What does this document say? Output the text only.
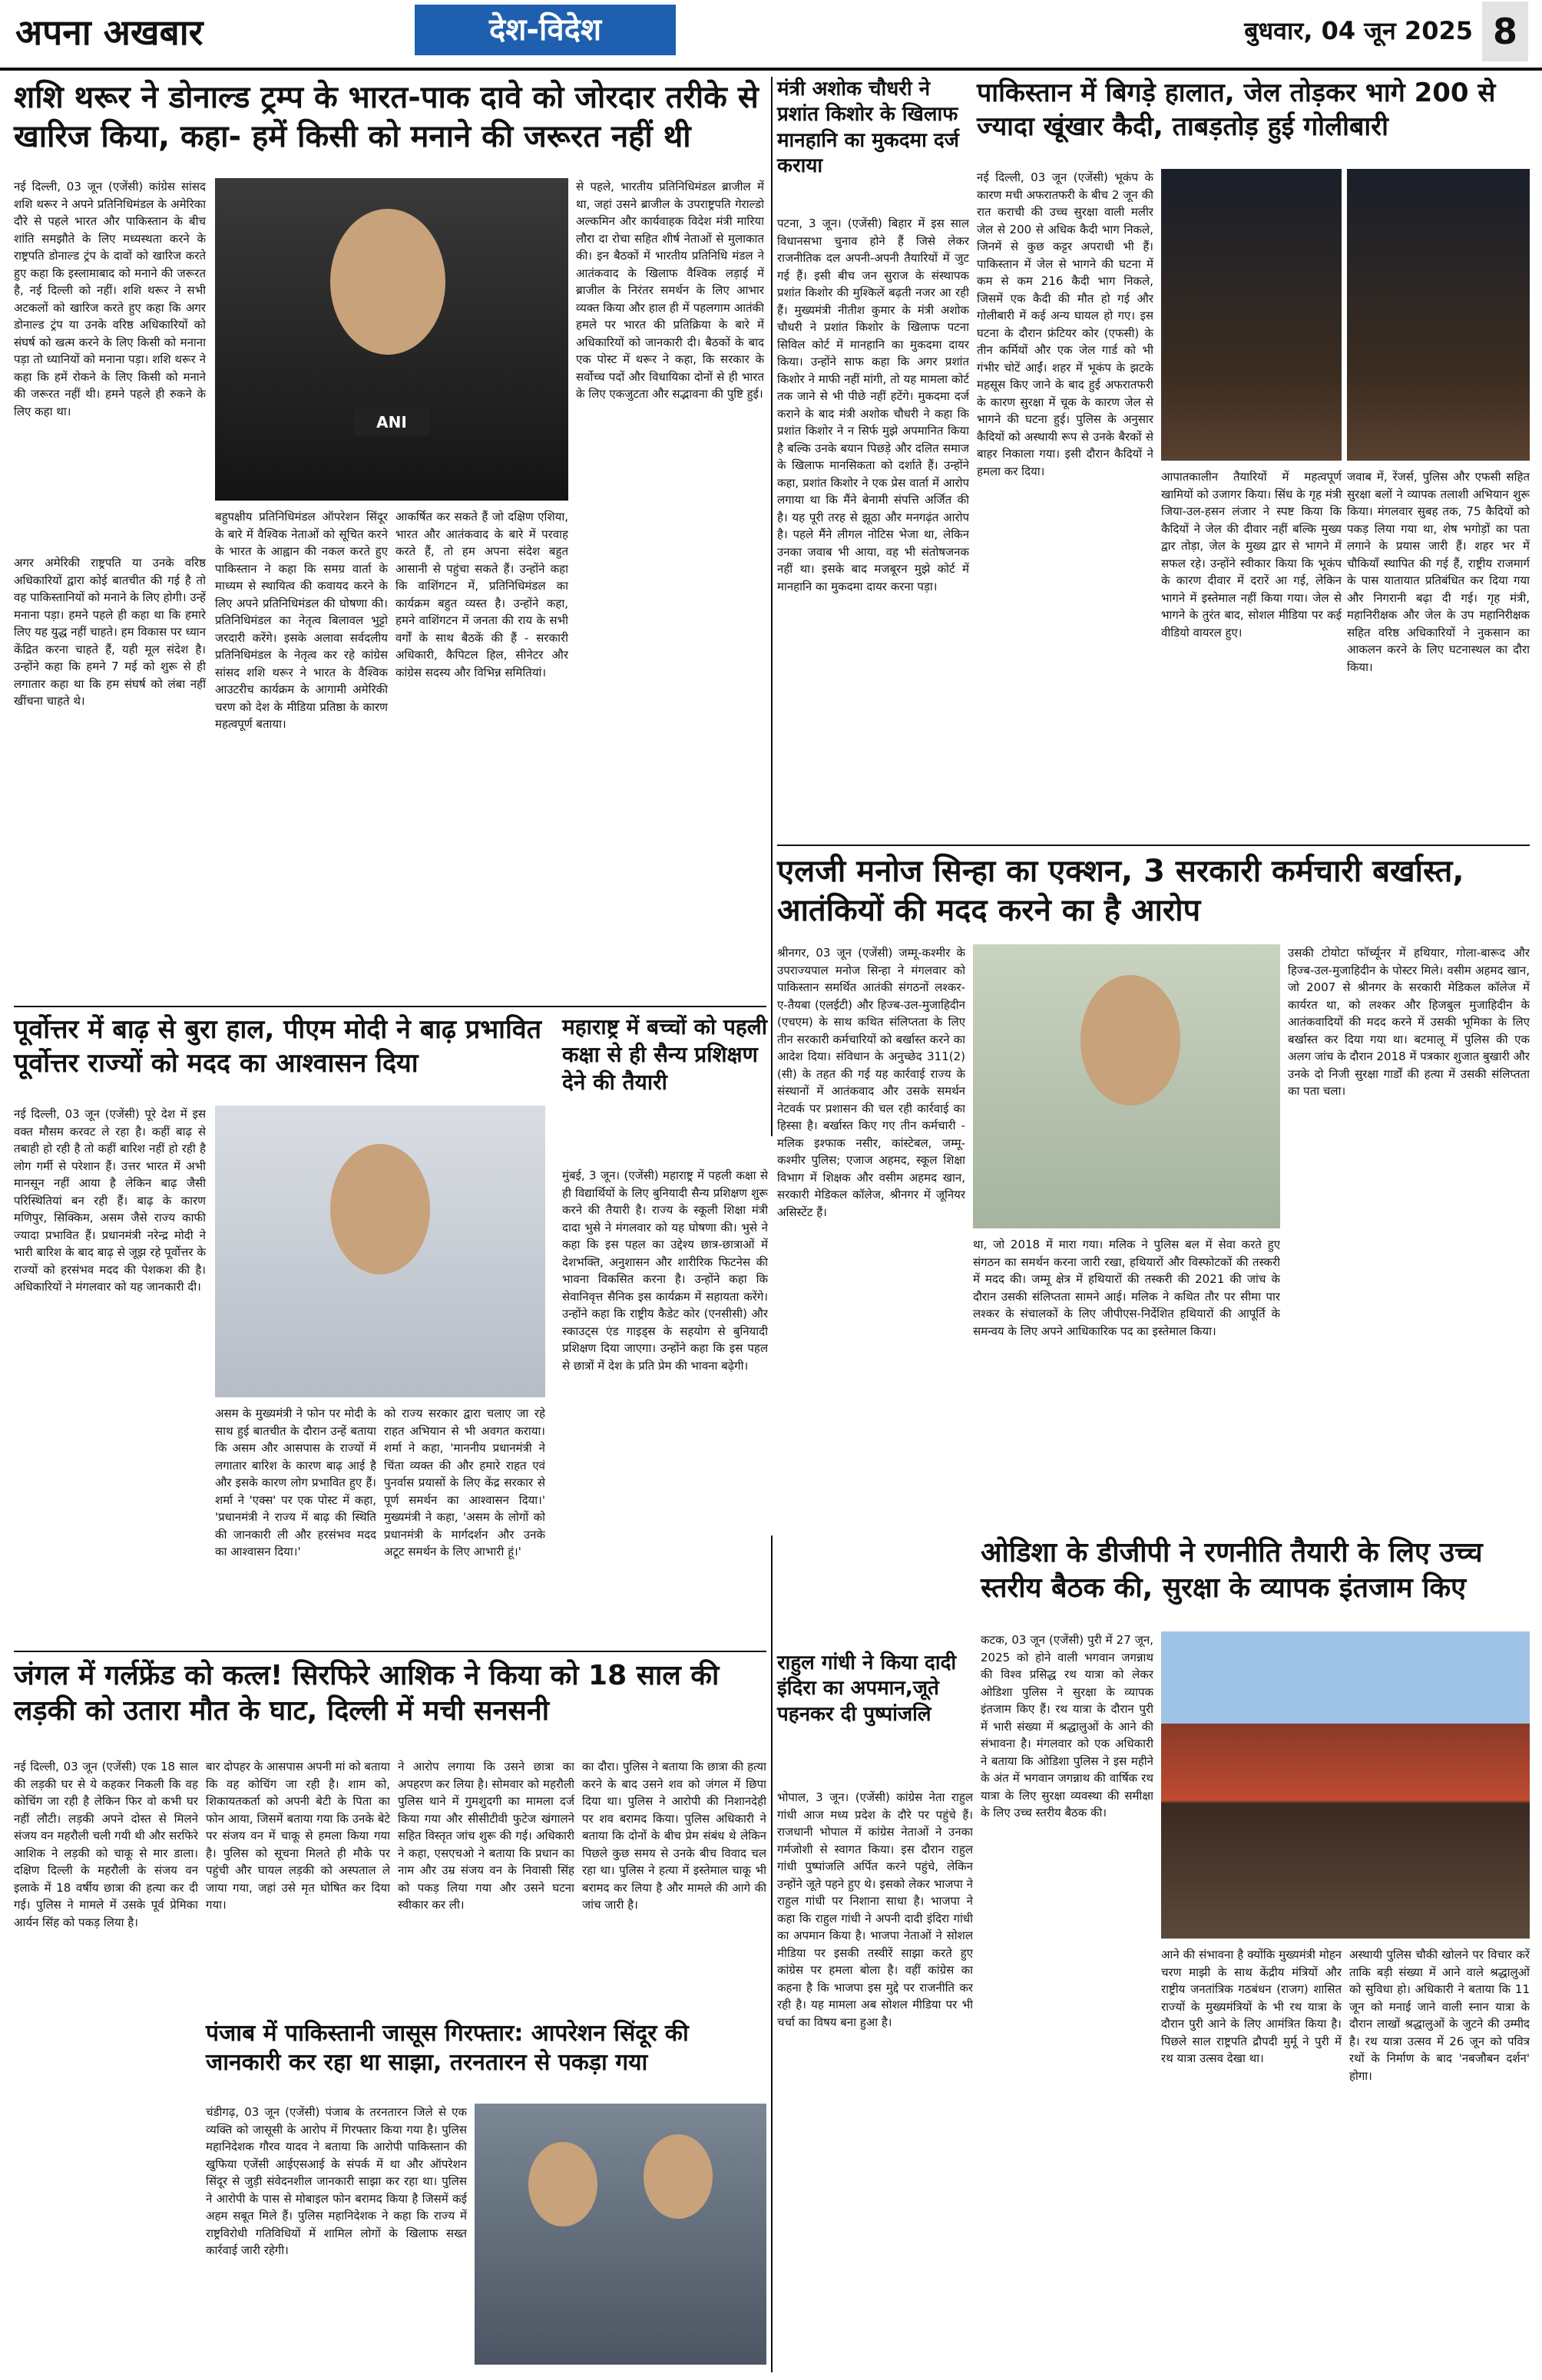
अपना अखबार	देश-विदेश	बुधवार, 04 जून 2025 8
शशि थरूर ने डोनाल्ड ट्रम्प के भारत-पाक दावे को जोरदार तरीके से खारिज किया, कहा- हमें किसी को मनाने की जरूरत नहीं थी

नई दिल्ली, 03 जून (एजेंसी) कांग्रेस सांसद शशि थरूर ने अपने प्रतिनिधिमंडल के अमेरिका दौरे से पहले भारत और पाकिस्तान के बीच शांति समझौते के लिए मध्यस्थता करने के राष्ट्रपति डोनाल्ड ट्रंप के दावों को खारिज करते हुए कहा कि इस्लामाबाद को मनाने की जरूरत है, नई दिल्ली को नहीं। शशि थरूर ने सभी अटकलों को खारिज करते हुए कहा कि अगर डोनाल्ड ट्रंप या उनके वरिष्ठ अधिकारियों को संघर्ष को खत्म करने के लिए किसी को मनाना पड़ा तो ध्यानियों को मनाना पड़ा। शशि थरूर ने कहा कि हमें रोकने के लिए किसी को मनाने की जरूरत नहीं थी। हमने पहले ही रुकने के लिए कहा था।

ANI

से पहले, भारतीय प्रतिनिधिमंडल ब्राजील में था, जहां उसने ब्राजील के उपराष्ट्रपति गेराल्डो अल्कमिन और कार्यवाहक विदेश मंत्री मारिया लौरा दा रोचा सहित शीर्ष नेताओं से मुलाकात की। इन बैठकों में भारतीय प्रतिनिधि मंडल ने आतंकवाद के खिलाफ वैश्विक लड़ाई में ब्राजील के निरंतर समर्थन के लिए आभार व्यक्त किया और हाल ही में पहलगाम आतंकी हमले पर भारत की प्रतिक्रिया के बारे में अधिकारियों को जानकारी दी। बैठकों के बाद एक पोस्ट में थरूर ने कहा, कि सरकार के सर्वोच्च पदों और विधायिका दोनों से ही भारत के लिए एकजुटता और सद्भावना की पुष्टि हुई।

अगर अमेरिकी राष्ट्रपति या उनके वरिष्ठ अधिकारियों द्वारा कोई बातचीत की गई है तो वह पाकिस्तानियों को मनाने के लिए होगी। उन्हें मनाना पड़ा। हमने पहले ही कहा था कि हमारे लिए यह युद्ध नहीं चाहते। हम विकास पर ध्यान केंद्रित करना चाहते हैं, यही मूल संदेश है। उन्होंने कहा कि हमने 7 मई को शुरू से ही लगातार कहा था कि हम संघर्ष को लंबा नहीं खींचना चाहते थे।

बहुपक्षीय प्रतिनिधिमंडल ऑपरेशन सिंदूर के बारे में वैश्विक नेताओं को सूचित करने के भारत के आह्वान की नकल करते हुए पाकिस्तान ने कहा कि समग्र वार्ता के माध्यम से स्थायित्व की कवायद करने के लिए अपने प्रतिनिधिमंडल की घोषणा की। प्रतिनिधिमंडल का नेतृत्व बिलावल भुट्टो जरदारी करेंगे। इसके अलावा सर्वदलीय प्रतिनिधिमंडल के नेतृत्व कर रहे कांग्रेस सांसद शशि थरूर ने भारत के वैश्विक आउटरीच कार्यक्रम के आगामी अमेरिकी चरण को देश के मीडिया प्रतिष्ठा के कारण महत्वपूर्ण बताया।

आकर्षित कर सकते हैं जो दक्षिण एशिया, भारत और आतंकवाद के बारे में परवाह करते हैं, तो हम अपना संदेश बहुत आसानी से पहुंचा सकते हैं। उन्होंने कहा कि वाशिंगटन में, प्रतिनिधिमंडल का कार्यक्रम बहुत व्यस्त है। उन्होंने कहा, हमने वाशिंगटन में जनता की राय के सभी वर्गों के साथ बैठकें की हैं - सरकारी अधिकारी, कैपिटल हिल, सीनेटर और कांग्रेस सदस्य और विभिन्न समितियां।

मंत्री अशोक चौधरी ने प्रशांत किशोर के खिलाफ मानहानि का मुकदमा दर्ज कराया

पटना, 3 जून। (एजेंसी) बिहार में इस साल विधानसभा चुनाव होने हैं जिसे लेकर राजनीतिक दल अपनी-अपनी तैयारियों में जुट गई हैं। इसी बीच जन सुराज के संस्थापक प्रशांत किशोर की मुश्किलें बढ़ती नजर आ रही हैं। मुख्यमंत्री नीतीश कुमार के मंत्री अशोक चौधरी ने प्रशांत किशोर के खिलाफ पटना सिविल कोर्ट में मानहानि का मुकदमा दायर किया। उन्होंने साफ कहा कि अगर प्रशांत किशोर ने माफी नहीं मांगी, तो यह मामला कोर्ट तक जाने से भी पीछे नहीं हटेंगे। मुकदमा दर्ज कराने के बाद मंत्री अशोक चौधरी ने कहा कि प्रशांत किशोर ने न सिर्फ मुझे अपमानित किया है बल्कि उनके बयान पिछड़े और दलित समाज के खिलाफ मानसिकता को दर्शाते हैं। उन्होंने कहा, प्रशांत किशोर ने एक प्रेस वार्ता में आरोप लगाया था कि मैंने बेनामी संपत्ति अर्जित की है। यह पूरी तरह से झूठा और मनगढ़ंत आरोप है। पहले मैंने लीगल नोटिस भेजा था, लेकिन उनका जवाब भी आया, वह भी संतोषजनक नहीं था। इसके बाद मजबूरन मुझे कोर्ट में मानहानि का मुकदमा दायर करना पड़ा।

पाकिस्तान में बिगड़े हालात, जेल तोड़कर भागे 200 से ज्यादा खूंखार कैदी, ताबड़तोड़ हुई गोलीबारी

नई दिल्ली, 03 जून (एजेंसी) भूकंप के कारण मची अफरातफरी के बीच 2 जून की रात कराची की उच्च सुरक्षा वाली मलीर जेल से 200 से अधिक कैदी भाग निकले, जिनमें से कुछ कट्टर अपराधी भी हैं। पाकिस्तान में जेल से भागने की घटना में कम से कम 216 कैदी भाग निकले, जिसमें एक कैदी की मौत हो गई और गोलीबारी में कई अन्य घायल हो गए। इस घटना के दौरान फ्रंटियर कोर (एफसी) के तीन कर्मियों और एक जेल गार्ड को भी गंभीर चोटें आईं। शहर में भूकंप के झटके महसूस किए जाने के बाद हुई अफरातफरी के कारण सुरक्षा में चूक के कारण जेल से भागने की घटना हुई। पुलिस के अनुसार कैदियों को अस्थायी रूप से उनके बैरकों से बाहर निकाला गया। इसी दौरान कैदियों ने हमला कर दिया।	आपातकालीन तैयारियों में महत्वपूर्ण खामियों को उजागर किया। सिंध के गृह मंत्री जिया-उल-हसन लंजार ने स्पष्ट किया कि कैदियों ने जेल की दीवार नहीं बल्कि मुख्य द्वार तोड़ा, जेल के मुख्य द्वार से भागने में सफल रहे। उन्होंने स्वीकार किया कि भूकंप के कारण दीवार में दरारें आ गई, लेकिन भागने में इस्तेमाल नहीं किया गया। जेल से भागने के तुरंत बाद, सोशल मीडिया पर कई वीडियो वायरल हुए।

जवाब में, रेंजर्स, पुलिस और एफसी सहित सुरक्षा बलों ने व्यापक तलाशी अभियान शुरू किया। मंगलवार सुबह तक, 75 कैदियों को पकड़ लिया गया था, शेष भगोड़ों का पता लगाने के प्रयास जारी हैं। शहर भर में चौकियाँ स्थापित की गई हैं, राष्ट्रीय राजमार्ग के पास यातायात प्रतिबंधित कर दिया गया और निगरानी बढ़ा दी गई। गृह मंत्री, महानिरीक्षक और जेल के उप महानिरीक्षक सहित वरिष्ठ अधिकारियों ने नुकसान का आकलन करने के लिए घटनास्थल का दौरा किया।

एलजी मनोज सिन्हा का एक्शन, 3 सरकारी कर्मचारी बर्खास्त, आतंकियों की मदद करने का है आरोप

श्रीनगर, 03 जून (एजेंसी) जम्मू-कश्मीर के उपराज्यपाल मनोज सिन्हा ने मंगलवार को पाकिस्तान समर्थित आतंकी संगठनों लश्कर-ए-तैयबा (एलईटी) और हिज्ब-उल-मुजाहिदीन (एचएम) के साथ कथित संलिप्तता के लिए तीन सरकारी कर्मचारियों को बर्खास्त करने का आदेश दिया। संविधान के अनुच्छेद 311(2)(सी) के तहत की गई यह कार्रवाई राज्य के संस्थानों में आतंकवाद और उसके समर्थन नेटवर्क पर प्रशासन की चल रही कार्रवाई का हिस्सा है। बर्खास्त किए गए तीन कर्मचारी - मलिक इश्फाक नसीर, कांस्टेबल, जम्मू-कश्मीर पुलिस; एजाज अहमद, स्कूल शिक्षा विभाग में शिक्षक और वसीम अहमद खान, सरकारी मेडिकल कॉलेज, श्रीनगर में जूनियर असिस्टेंट हैं।

था, जो 2018 में मारा गया। मलिक ने पुलिस बल में सेवा करते हुए संगठन का समर्थन करना जारी रखा, हथियारों और विस्फोटकों की तस्करी में मदद की। जम्मू क्षेत्र में हथियारों की तस्करी की 2021 की जांच के दौरान उसकी संलिप्तता सामने आई। मलिक ने कथित तौर पर सीमा पार लश्कर के संचालकों के लिए जीपीएस-निर्देशित हथियारों की आपूर्ति के समन्वय के लिए अपने आधिकारिक पद का इस्तेमाल किया।

उसकी टोयोटा फॉर्च्यूनर में हथियार, गोला-बारूद और हिज्ब-उल-मुजाहिदीन के पोस्टर मिले। वसीम अहमद खान, जो 2007 से श्रीनगर के सरकारी मेडिकल कॉलेज में कार्यरत था, को लश्कर और हिजबुल मुजाहिदीन के आतंकवादियों की मदद करने में उसकी भूमिका के लिए बर्खास्त कर दिया गया था। बटमालू में पुलिस की एक अलग जांच के दौरान 2018 में पत्रकार शुजात बुखारी और उनके दो निजी सुरक्षा गार्डों की हत्या में उसकी संलिप्तता का पता चला।

पूर्वोत्तर में बाढ़ से बुरा हाल, पीएम मोदी ने बाढ़ प्रभावित पूर्वोत्तर राज्यों को मदद का आश्वासन दिया

नई दिल्ली, 03 जून (एजेंसी) पूरे देश में इस वक्त मौसम करवट ले रहा है। कहीं बाढ़ से तबाही हो रही है तो कहीं बारिश नहीं हो रही है लोग गर्मी से परेशान हैं। उत्तर भारत में अभी मानसून नहीं आया है लेकिन बाढ़ जैसी परिस्थितियां बन रही हैं। बाढ़ के कारण मणिपुर, सिक्किम, असम जैसे राज्य काफी ज्यादा प्रभावित हैं। प्रधानमंत्री नरेन्द्र मोदी ने भारी बारिश के बाद बाढ़ से जूझ रहे पूर्वोत्तर के राज्यों को हरसंभव मदद की पेशकश की है। अधिकारियों ने मंगलवार को यह जानकारी दी।

असम के मुख्यमंत्री ने फोन पर मोदी के साथ हुई बातचीत के दौरान उन्हें बताया कि असम और आसपास के राज्यों में लगातार बारिश के कारण बाढ़ आई है और इसके कारण लोग प्रभावित हुए हैं। शर्मा ने 'एक्स' पर एक पोस्ट में कहा, 'प्रधानमंत्री ने राज्य में बाढ़ की स्थिति की जानकारी ली और हरसंभव मदद का आश्वासन दिया।'

को राज्य सरकार द्वारा चलाए जा रहे राहत अभियान से भी अवगत कराया। शर्मा ने कहा, 'माननीय प्रधानमंत्री ने चिंता व्यक्त की और हमारे राहत एवं पुनर्वास प्रयासों के लिए केंद्र सरकार से पूर्ण समर्थन का आश्वासन दिया।' मुख्यमंत्री ने कहा, 'असम के लोगों को प्रधानमंत्री के मार्गदर्शन और उनके अटूट समर्थन के लिए आभारी हूं।'

महाराष्ट्र में बच्चों को पहली कक्षा से ही सैन्य प्रशिक्षण देने की तैयारी

मुंबई, 3 जून। (एजेंसी) महाराष्ट्र में पहली कक्षा से ही विद्यार्थियों के लिए बुनियादी सैन्य प्रशिक्षण शुरू करने की तैयारी है। राज्य के स्कूली शिक्षा मंत्री दादा भुसे ने मंगलवार को यह घोषणा की। भुसे ने कहा कि इस पहल का उद्देश्य छात्र-छात्राओं में देशभक्ति, अनुशासन और शारीरिक फिटनेस की भावना विकसित करना है। उन्होंने कहा कि सेवानिवृत्त सैनिक इस कार्यक्रम में सहायता करेंगे। उन्होंने कहा कि राष्ट्रीय कैडेट कोर (एनसीसी) और स्काउट्स एंड गाइड्स के सहयोग से बुनियादी प्रशिक्षण दिया जाएगा। उन्होंने कहा कि इस पहल से छात्रों में देश के प्रति प्रेम की भावना बढ़ेगी।

जंगल में गर्लफ्रेंड को कत्ल! सिरफिरे आशिक ने किया को 18 साल की लड़की को उतारा मौत के घाट, दिल्ली में मची सनसनी

नई दिल्ली, 03 जून (एजेंसी) एक 18 साल की लड़की घर से ये कहकर निकली कि वह कोचिंग जा रही है लेकिन फिर वो कभी घर नहीं लौटी। लड़की अपने दोस्त से मिलने संजय वन महरौली चली गयी थी और सरफिरे आशिक ने लड़की को चाकू से मार डाला। दक्षिण दिल्ली के महरौली के संजय वन इलाके में 18 वर्षीय छात्रा की हत्या कर दी गई। पुलिस ने मामले में उसके पूर्व प्रेमिका आर्यन सिंह को पकड़ लिया है।

बार दोपहर के आसपास अपनी मां को बताया कि वह कोचिंग जा रही है। शाम को, शिकायतकर्ता को अपनी बेटी के पिता का फोन आया, जिसमें बताया गया कि उनके बेटे पर संजय वन में चाकू से हमला किया गया है। पुलिस को सूचना मिलते ही मौके पर पहुंची और घायल लड़की को अस्पताल ले जाया गया, जहां उसे मृत घोषित कर दिया गया।

ने आरोप लगाया कि उसने छात्रा का अपहरण कर लिया है। सोमवार को महरौली पुलिस थाने में गुमशुदगी का मामला दर्ज किया गया और सीसीटीवी फुटेज खंगालने सहित विस्तृत जांच शुरू की गई। अधिकारी ने कहा, एसएचओ ने बताया कि प्रधान का नाम और उम्र संजय वन के निवासी सिंह को पकड़ लिया गया और उसने घटना स्वीकार कर ली।

का दौरा। पुलिस ने बताया कि छात्रा की हत्या करने के बाद उसने शव को जंगल में छिपा दिया था। पुलिस ने आरोपी की निशानदेही पर शव बरामद किया। पुलिस अधिकारी ने बताया कि दोनों के बीच प्रेम संबंध थे लेकिन पिछले कुछ समय से उनके बीच विवाद चल रहा था। पुलिस ने हत्या में इस्तेमाल चाकू भी बरामद कर लिया है और मामले की आगे की जांच जारी है।

पंजाब में पाकिस्तानी जासूस गिरफ्तार: आपरेशन सिंदूर की जानकारी कर रहा था साझा, तरनतारन से पकड़ा गया

चंडीगढ़, 03 जून (एजेंसी) पंजाब के तरनतारन जिले से एक व्यक्ति को जासूसी के आरोप में गिरफ्तार किया गया है। पुलिस महानिदेशक गौरव यादव ने बताया कि आरोपी पाकिस्तान की खुफिया एजेंसी आईएसआई के संपर्क में था और ऑपरेशन सिंदूर से जुड़ी संवेदनशील जानकारी साझा कर रहा था। पुलिस ने आरोपी के पास से मोबाइल फोन बरामद किया है जिसमें कई अहम सबूत मिले हैं। पुलिस महानिदेशक ने कहा कि राज्य में राष्ट्रविरोधी गतिविधियों में शामिल लोगों के खिलाफ सख्त कार्रवाई जारी रहेगी।

राहुल गांधी ने किया दादी इंदिरा का अपमान,जूते पहनकर दी पुष्पांजलि

भोपाल, 3 जून। (एजेंसी) कांग्रेस नेता राहुल गांधी आज मध्य प्रदेश के दौरे पर पहुंचे हैं। राजधानी भोपाल में कांग्रेस नेताओं ने उनका गर्मजोशी से स्वागत किया। इस दौरान राहुल गांधी पुष्पांजलि अर्पित करने पहुंचे, लेकिन उन्होंने जूते पहने हुए थे। इसको लेकर भाजपा ने राहुल गांधी पर निशाना साधा है। भाजपा ने कहा कि राहुल गांधी ने अपनी दादी इंदिरा गांधी का अपमान किया है। भाजपा नेताओं ने सोशल मीडिया पर इसकी तस्वीरें साझा करते हुए कांग्रेस पर हमला बोला है। वहीं कांग्रेस का कहना है कि भाजपा इस मुद्दे पर राजनीति कर रही है। यह मामला अब सोशल मीडिया पर भी चर्चा का विषय बना हुआ है।

ओडिशा के डीजीपी ने रणनीति तैयारी के लिए उच्च स्तरीय बैठक की, सुरक्षा के व्यापक इंतजाम किए

कटक, 03 जून (एजेंसी) पुरी में 27 जून, 2025 को होने वाली भगवान जगन्नाथ की विश्व प्रसिद्ध रथ यात्रा को लेकर ओडिशा पुलिस ने सुरक्षा के व्यापक इंतजाम किए हैं। रथ यात्रा के दौरान पुरी में भारी संख्या में श्रद्धालुओं के आने की संभावना है। मंगलवार को एक अधिकारी ने बताया कि ओडिशा पुलिस ने इस महीने के अंत में भगवान जगन्नाथ की वार्षिक रथ यात्रा के लिए सुरक्षा व्यवस्था की समीक्षा के लिए उच्च स्तरीय बैठक की।

आने की संभावना है क्योंकि मुख्यमंत्री मोहन चरण माझी के साथ केंद्रीय मंत्रियों और राष्ट्रीय जनतांत्रिक गठबंधन (राजग) शासित राज्यों के मुख्यमंत्रियों के भी रथ यात्रा के दौरान पुरी आने के लिए आमंत्रित किया है। पिछले साल राष्ट्रपति द्रौपदी मुर्मू ने पुरी में रथ यात्रा उत्सव देखा था।

अस्थायी पुलिस चौकी खोलने पर विचार करें ताकि बड़ी संख्या में आने वाले श्रद्धालुओं को सुविधा हो। अधिकारी ने बताया कि 11 जून को मनाई जाने वाली स्नान यात्रा के दौरान लाखों श्रद्धालुओं के जुटने की उम्मीद है। रथ यात्रा उत्सव में 26 जून को पवित्र रथों के निर्माण के बाद 'नबजौबन दर्शन' होगा।
